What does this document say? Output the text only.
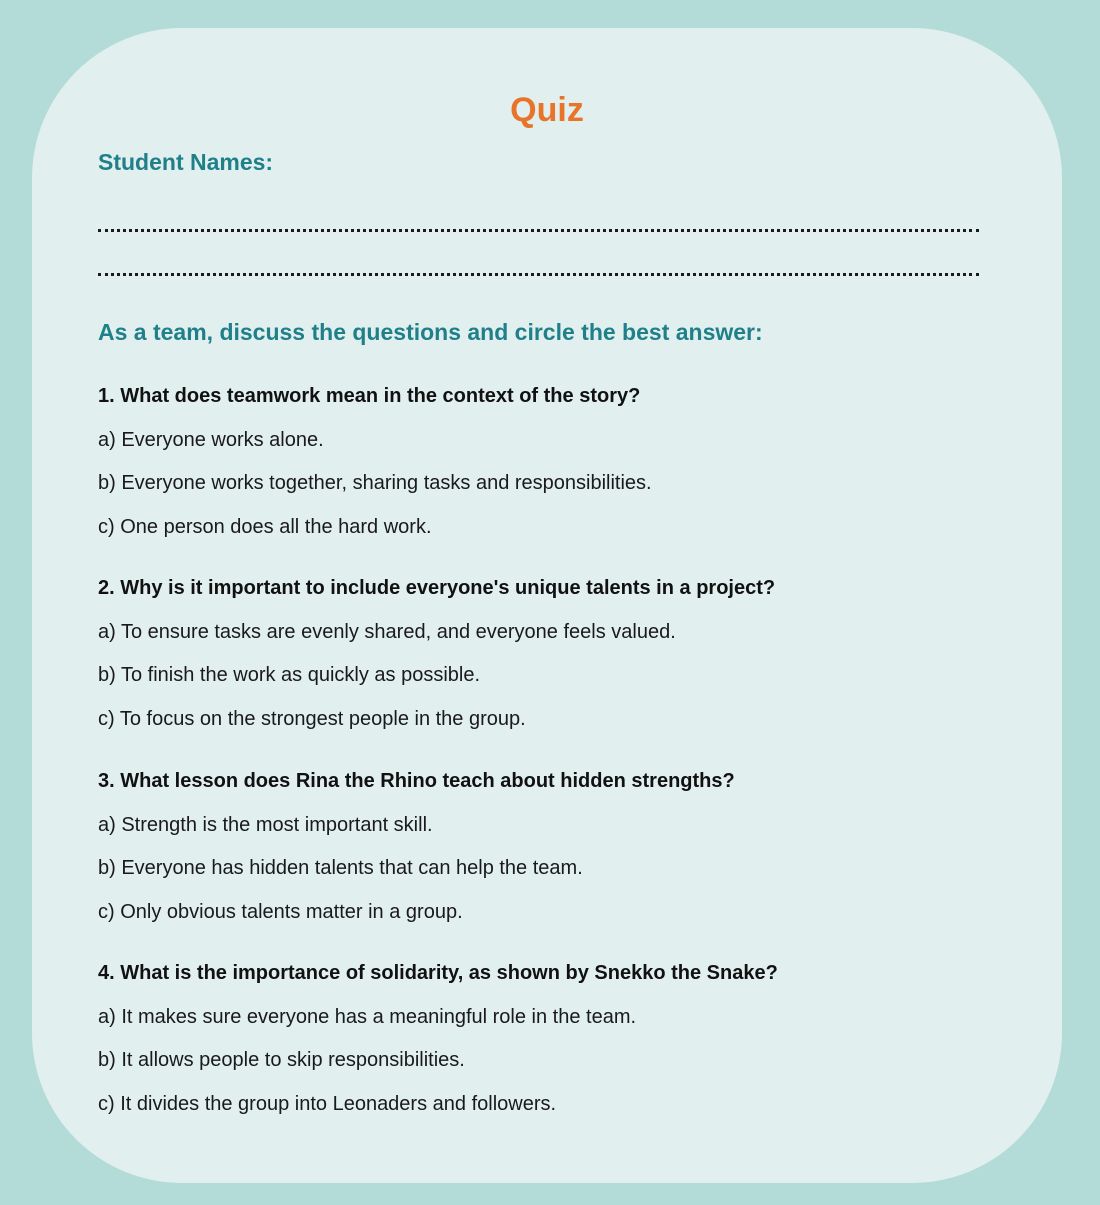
Quiz
Student Names:
As a team, discuss the questions and circle the best answer:

1. What does teamwork mean in the context of the story?

a) Everyone works alone.

b) Everyone works together, sharing tasks and responsibilities.

c) One person does all the hard work.

2. Why is it important to include everyone's unique talents in a project?

a) To ensure tasks are evenly shared, and everyone feels valued.

b) To finish the work as quickly as possible.

c) To focus on the strongest people in the group.

3. What lesson does Rina the Rhino teach about hidden strengths?

a) Strength is the most important skill.

b) Everyone has hidden talents that can help the team.

c) Only obvious talents matter in a group.

4. What is the importance of solidarity, as shown by Snekko the Snake?

a) It makes sure everyone has a meaningful role in the team.

b) It allows people to skip responsibilities.

c) It divides the group into Leonaders and followers.
